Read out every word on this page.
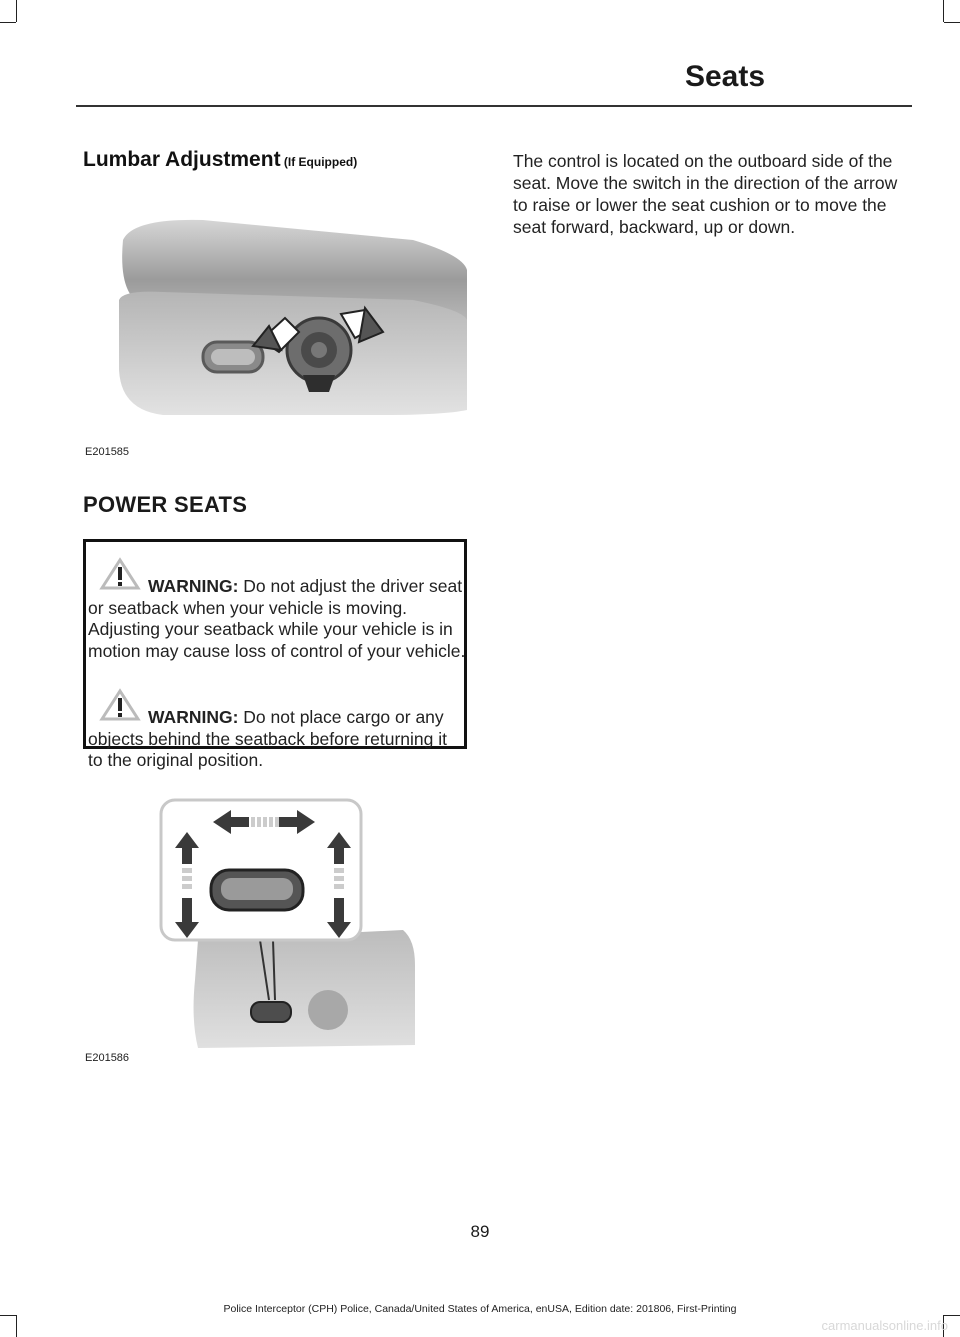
Seats
Lumbar Adjustment (If Equipped)
E201585
POWER SEATS

WARNING: Do not adjust the driver seat or seatback when your vehicle is moving. Adjusting your seatback while your vehicle is in motion may cause loss of control of your vehicle.

WARNING: Do not place cargo or any objects behind the seatback before returning it to the original position.

E201586

The control is located on the outboard side of the seat. Move the switch in the direction of the arrow to raise or lower the seat cushion or to move the seat forward, backward, up or down.

89
Police Interceptor (CPH) Police, Canada/United States of America, enUSA, Edition date: 201806, First-Printing
carmanualsonline.info
